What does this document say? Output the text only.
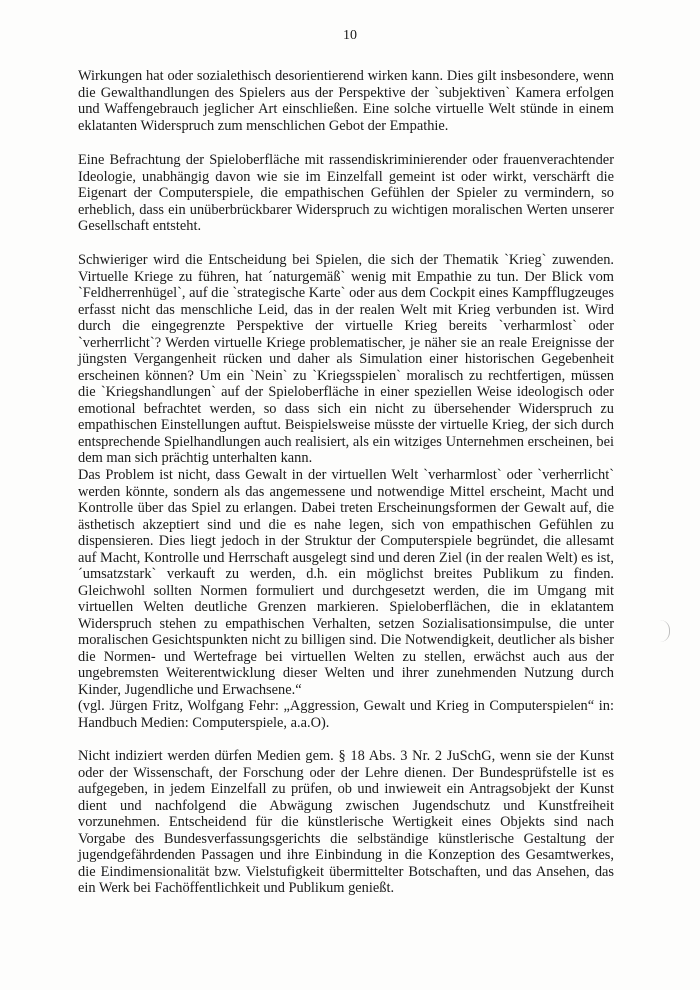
10

Wirkungen hat oder sozialethisch desorientierend wirken kann. Dies gilt insbesondere, wenn die Gewalthandlungen des Spielers aus der Perspektive der `subjektiven` Kamera erfolgen und Waffengebrauch jeglicher Art einschließen. Eine solche virtuelle Welt stünde in einem eklatanten Widerspruch zum menschlichen Gebot der Empathie.

Eine Befrachtung der Spieloberfläche mit rassendiskriminierender oder frauenverachtender Ideologie, unabhängig davon wie sie im Einzelfall gemeint ist oder wirkt, verschärft die Eigenart der Computerspiele, die empathischen Gefühlen der Spieler zu vermindern, so erheblich, dass ein unüberbrückbarer Widerspruch zu wichtigen moralischen Werten unserer Gesellschaft entsteht.

Schwieriger wird die Entscheidung bei Spielen, die sich der Thematik `Krieg` zuwenden. Virtuelle Kriege zu führen, hat ´naturgemäß` wenig mit Empathie zu tun. Der Blick vom `Feldherrenhügel`, auf die `strategische Karte` oder aus dem Cockpit eines Kampfflugzeuges erfasst nicht das menschliche Leid, das in der realen Welt mit Krieg verbunden ist. Wird durch die eingegrenzte Perspektive der virtuelle Krieg bereits `verharmlost` oder `verherrlicht`? Werden virtuelle Kriege problematischer, je näher sie an reale Ereignisse der jüngsten Vergangenheit rücken und daher als Simulation einer historischen Gegebenheit erscheinen können? Um ein `Nein` zu `Kriegsspielen` moralisch zu rechtfertigen, müssen die `Kriegshandlungen` auf der Spieloberfläche in einer speziellen Weise ideologisch oder emotional befrachtet werden, so dass sich ein nicht zu übersehender Widerspruch zu empathischen Einstellungen auftut. Beispielsweise müsste der virtuelle Krieg, der sich durch entsprechende Spielhandlungen auch realisiert, als ein witziges Unternehmen erscheinen, bei dem man sich prächtig unterhalten kann.

Das Problem ist nicht, dass Gewalt in der virtuellen Welt `verharmlost` oder `verherrlicht` werden könnte, sondern als das angemessene und notwendige Mittel erscheint, Macht und Kontrolle über das Spiel zu erlangen. Dabei treten Erscheinungsformen der Gewalt auf, die ästhetisch akzeptiert sind und die es nahe legen, sich von empathischen Gefühlen zu dispensieren. Dies liegt jedoch in der Struktur der Computerspiele begründet, die allesamt auf Macht, Kontrolle und Herrschaft ausgelegt sind und deren Ziel (in der realen Welt) es ist, ´umsatzstark` verkauft zu werden, d.h. ein möglichst breites Publikum zu finden. Gleichwohl sollten Normen formuliert und durchgesetzt werden, die im Umgang mit virtuellen Welten deutliche Grenzen markieren. Spieloberflächen, die in eklatantem Widerspruch stehen zu empathischen Verhalten, setzen Sozialisationsimpulse, die unter moralischen Gesichtspunkten nicht zu billigen sind. Die Notwendigkeit, deutlicher als bisher die Normen- und Wertefrage bei virtuellen Welten zu stellen, erwächst auch aus der ungebremsten Weiterentwicklung dieser Welten und ihrer zunehmenden Nutzung durch Kinder, Jugendliche und Erwachsene.“
(vgl. Jürgen Fritz, Wolfgang Fehr: „Aggression, Gewalt und Krieg in Computerspielen“ in: Handbuch Medien: Computerspiele, a.a.O).

Nicht indiziert werden dürfen Medien gem. § 18 Abs. 3 Nr. 2 JuSchG, wenn sie der Kunst oder der Wissenschaft, der Forschung oder der Lehre dienen. Der Bundesprüfstelle ist es aufgegeben, in jedem Einzelfall zu prüfen, ob und inwieweit ein Antragsobjekt der Kunst dient und nachfolgend die Abwägung zwischen Jugendschutz und Kunstfreiheit vorzunehmen. Entscheidend für die künstlerische Wertigkeit eines Objekts sind nach Vorgabe des Bundesverfassungsgerichts die selbständige künstlerische Gestaltung der jugendgefährdenden Passagen und ihre Einbindung in die Konzeption des Gesamtwerkes, die Eindimensionalität bzw. Vielstufigkeit übermittelter Botschaften, und das Ansehen, das ein Werk bei Fachöffentlichkeit und Publikum genießt.
